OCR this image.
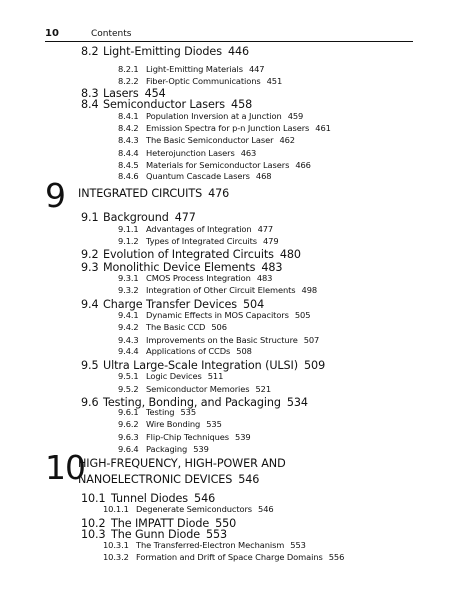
10	Contents
8.2 Light-Emitting Diodes 446
8.2.1 Light-Emitting Materials 447
8.2.2 Fiber-Optic Communications 451
8.3 Lasers 454
8.4 Semiconductor Lasers 458
8.4.1 Population Inversion at a Junction 459
8.4.2 Emission Spectra for p-n Junction Lasers 461
8.4.3 The Basic Semiconductor Laser 462
8.4.4 Heterojunction Lasers 463
8.4.5 Materials for Semiconductor Lasers 466
8.4.6 Quantum Cascade Lasers 468
9 INTEGRATED CIRCUITS 476
9.1 Background 477
9.1.1 Advantages of Integration 477
9.1.2 Types of Integrated Circuits 479
9.2 Evolution of Integrated Circuits 480
9.3 Monolithic Device Elements 483
9.3.1 CMOS Process Integration 483
9.3.2 Integration of Other Circuit Elements 498
9.4 Charge Transfer Devices 504
9.4.1 Dynamic Effects in MOS Capacitors 505
9.4.2 The Basic CCD 506
9.4.3 Improvements on the Basic Structure 507
9.4.4 Applications of CCDs 508
9.5 Ultra Large-Scale Integration (ULSI) 509
9.5.1 Logic Devices 511
9.5.2 Semiconductor Memories 521
9.6 Testing, Bonding, and Packaging 534
9.6.1 Testing 535
9.6.2 Wire Bonding 535
9.6.3 Flip-Chip Techniques 539
9.6.4 Packaging 539
10
HIGH-FREQUENCY, HIGH-POWER AND
NANOELECTRONIC DEVICES 546
10.1 Tunnel Diodes 546
10.1.1 Degenerate Semiconductors 546
10.2 The IMPATT Diode 550
10.3 The Gunn Diode 553
10.3.1 The Transferred-Electron Mechanism 553
10.3.2 Formation and Drift of Space Charge Domains 556
